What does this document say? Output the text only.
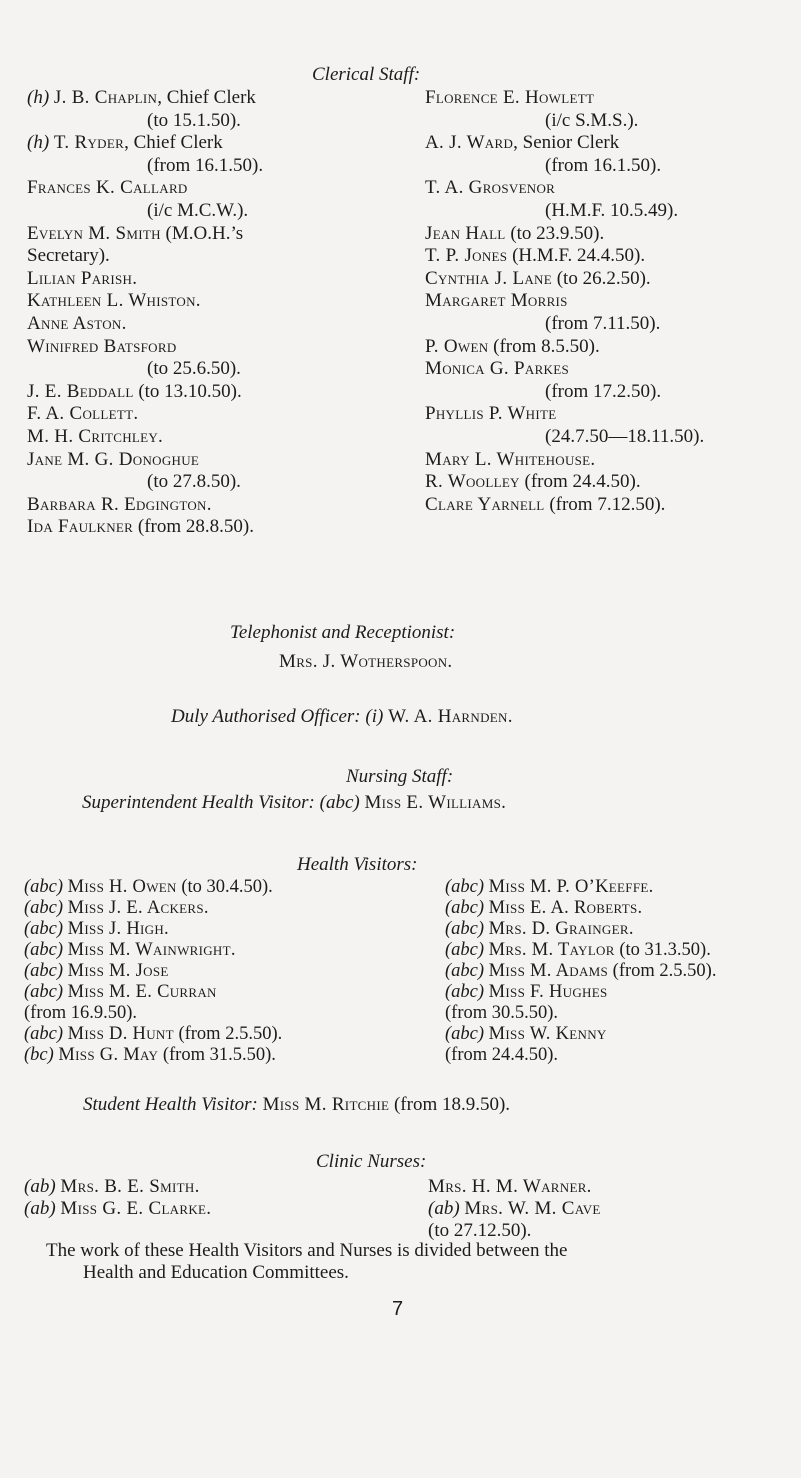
Clerical Staff:
(h) J. B. Chaplin, Chief Clerk
(to 15.1.50).
(h) T. Ryder, Chief Clerk
(from 16.1.50).
Frances K. Callard
(i/c M.C.W.).
Evelyn M. Smith (M.O.H.’s
Secretary).
Lilian Parish.
Kathleen L. Whiston.
Anne Aston.
Winifred Batsford
(to 25.6.50).
J. E. Beddall (to 13.10.50).
F. A. Collett.
M. H. Critchley.
Jane M. G. Donoghue
(to 27.8.50).
Barbara R. Edgington.
Ida Faulkner (from 28.8.50).
Florence E. Howlett
(i/c S.M.S.).
A. J. Ward, Senior Clerk
(from 16.1.50).
T. A. Grosvenor
(H.M.F. 10.5.49).
Jean Hall (to 23.9.50).
T. P. Jones (H.M.F. 24.4.50).
Cynthia J. Lane (to 26.2.50).
Margaret Morris
(from 7.11.50).
P. Owen (from 8.5.50).
Monica G. Parkes
(from 17.2.50).
Phyllis P. White
(24.7.50—18.11.50).
Mary L. Whitehouse.
R. Woolley (from 24.4.50).
Clare Yarnell (from 7.12.50).
Telephonist and Receptionist:
Mrs. J. Wotherspoon.
Duly Authorised Officer: (i) W. A. Harnden.
Nursing Staff:
Superintendent Health Visitor: (abc) Miss E. Williams.
Health Visitors:
(abc) Miss H. Owen (to 30.4.50).
(abc) Miss J. E. Ackers.
(abc) Miss J. High.
(abc) Miss M. Wainwright.
(abc) Miss M. Jose
(abc) Miss M. E. Curran
(from 16.9.50).
(abc) Miss D. Hunt (from 2.5.50).
(bc) Miss G. May (from 31.5.50).
(abc) Miss M. P. O’Keeffe.
(abc) Miss E. A. Roberts.
(abc) Mrs. D. Grainger.
(abc) Mrs. M. Taylor (to 31.3.50).
(abc) Miss M. Adams (from 2.5.50).
(abc) Miss F. Hughes
(from 30.5.50).
(abc) Miss W. Kenny
(from 24.4.50).
Student Health Visitor: Miss M. Ritchie (from 18.9.50).
Clinic Nurses:
(ab) Mrs. B. E. Smith.
(ab) Miss G. E. Clarke.
Mrs. H. M. Warner.
(ab) Mrs. W. M. Cave
(to 27.12.50).
The work of these Health Visitors and Nurses is divided between the
Health and Education Committees.
7
